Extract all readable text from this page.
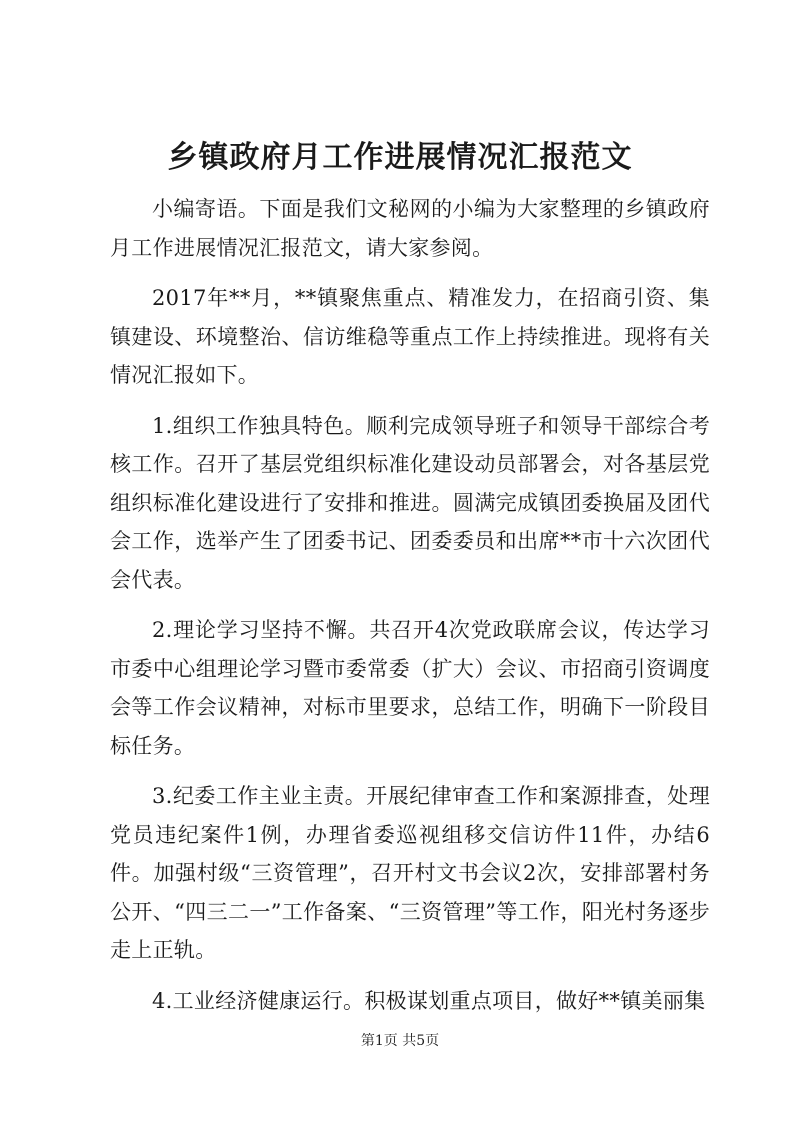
乡镇政府月工作进展情况汇报范文

小编寄语。下面是我们文秘网的小编为大家整理的乡镇政府月工作进展情况汇报范文，请大家参阅。

2017年**月，**镇聚焦重点、精准发力，在招商引资、集镇建设、环境整治、信访维稳等重点工作上持续推进。现将有关情况汇报如下。

1.组织工作独具特色。顺利完成领导班子和领导干部综合考核工作。召开了基层党组织标准化建设动员部署会，对各基层党组织标准化建设进行了安排和推进。圆满完成镇团委换届及团代会工作，选举产生了团委书记、团委委员和出席**市十六次团代会代表。

2.理论学习坚持不懈。共召开4次党政联席会议，传达学习市委中心组理论学习暨市委常委（扩大）会议、市招商引资调度会等工作会议精神，对标市里要求，总结工作，明确下一阶段目标任务。

3.纪委工作主业主责。开展纪律审查工作和案源排查，处理党员违纪案件1例，办理省委巡视组移交信访件11件，办结6件。加强村级“三资管理”，召开村文书会议2次，安排部署村务公开、“四三二一”工作备案、“三资管理”等工作，阳光村务逐步走上正轨。

4.工业经济健康运行。积极谋划重点项目，做好**镇美丽集

第1页 共5页
